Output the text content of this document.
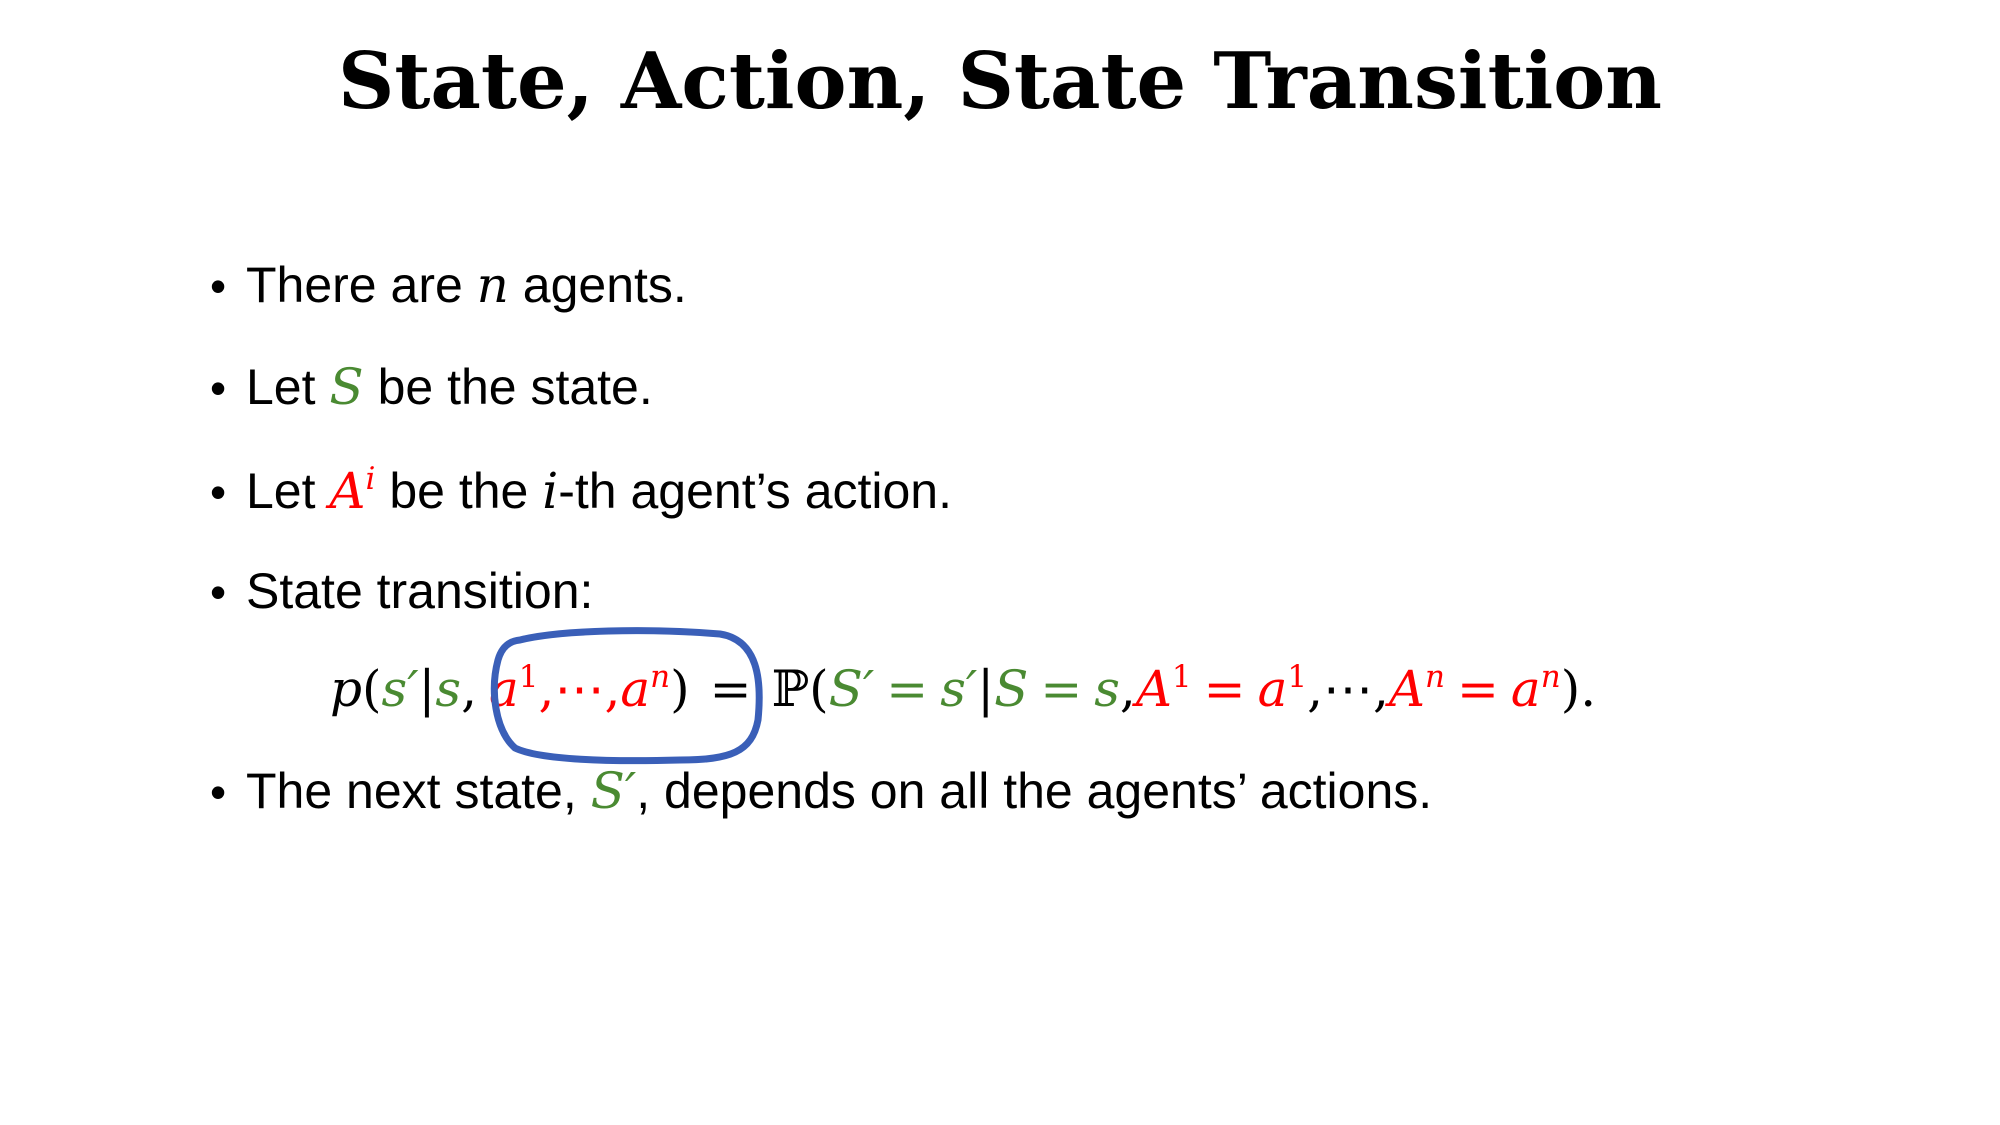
State, Action, State Transition
• There are n agents.
• Let S be the state.
• Let $A^i$ be the i-th agent’s action.
• State transition:
• The next state, S′, depends on all the agents’ actions.
p(s′|s, $a^1,\cdots,a^n$) = ℙ(S′ = $s'|S = s,A^1$ = $a^1,\cdots,A^n = a^n$).
